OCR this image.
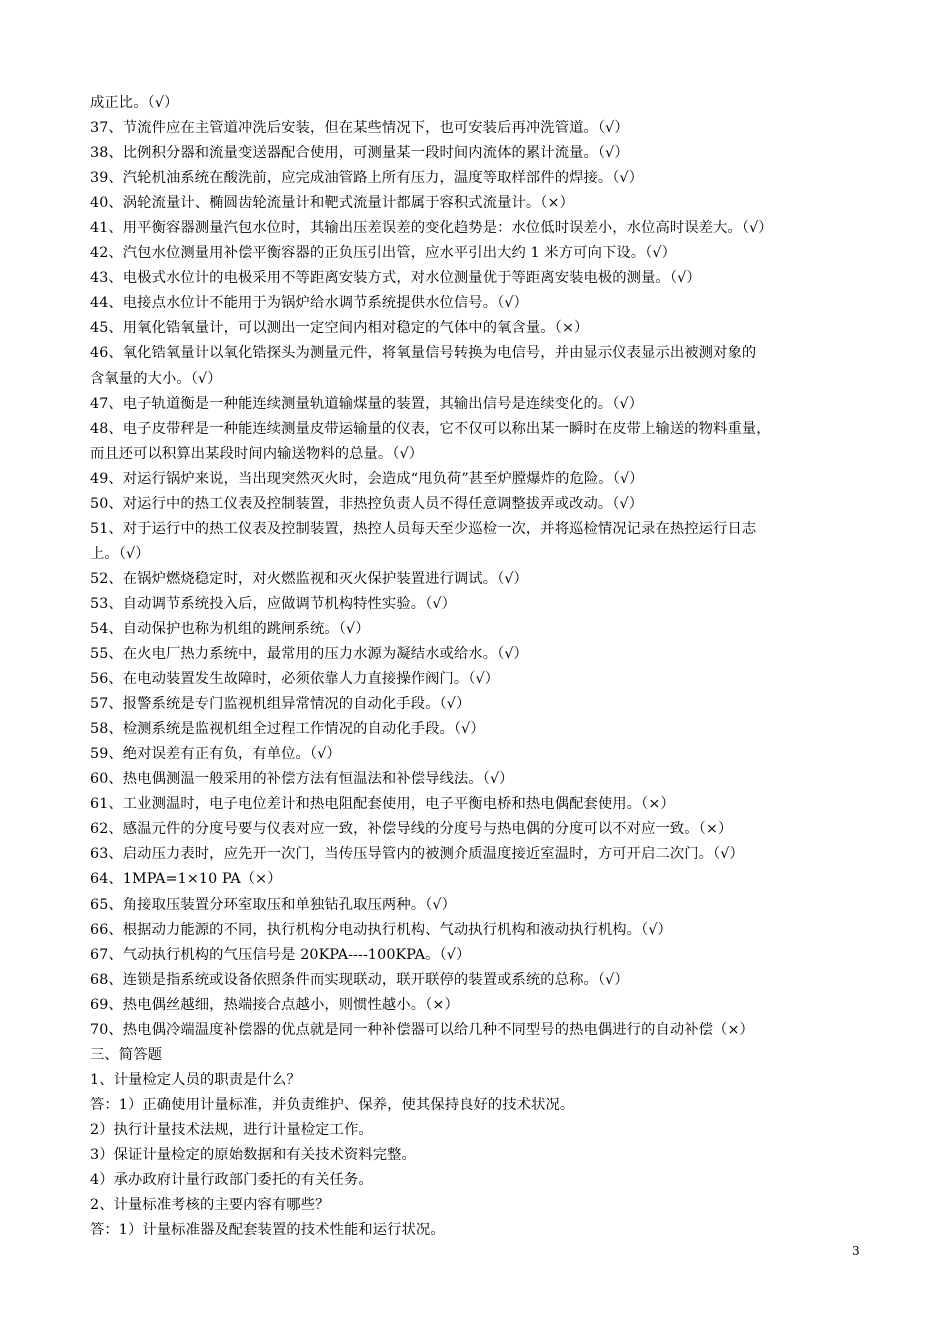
成正比。（√）
37、节流件应在主管道冲洗后安装，但在某些情况下，也可安装后再冲洗管道。（√）
38、比例积分器和流量变送器配合使用，可测量某一段时间内流体的累计流量。（√）
39、汽轮机油系统在酸洗前，应完成油管路上所有压力，温度等取样部件的焊接。（√）
40、涡轮流量计、椭圆齿轮流量计和靶式流量计都属于容积式流量计。（×）
41、用平衡容器测量汽包水位时，其输出压差误差的变化趋势是：水位低时误差小，水位高时误差大。（√）
42、汽包水位测量用补偿平衡容器的正负压引出管，应水平引出大约 1 米方可向下设。（√）
43、电极式水位计的电极采用不等距离安装方式，对水位测量优于等距离安装电极的测量。（√）
44、电接点水位计不能用于为锅炉给水调节系统提供水位信号。（√）
45、用氧化锆氧量计，可以测出一定空间内相对稳定的气体中的氧含量。（×）
46、氧化锆氧量计以氧化锆探头为测量元件，将氧量信号转换为电信号，并由显示仪表显示出被测对象的
含氧量的大小。（√）
47、电子轨道衡是一种能连续测量轨道输煤量的装置，其输出信号是连续变化的。（√）
48、电子皮带秤是一种能连续测量皮带运输量的仪表，它不仅可以称出某一瞬时在皮带上输送的物料重量，
而且还可以积算出某段时间内输送物料的总量。（√）
49、对运行锅炉来说，当出现突然灭火时，会造成“甩负荷”甚至炉膛爆炸的危险。（√）
50、对运行中的热工仪表及控制装置，非热控负责人员不得任意调整拔弄或改动。（√）
51、对于运行中的热工仪表及控制装置，热控人员每天至少巡检一次，并将巡检情况记录在热控运行日志
上。（√）
52、在锅炉燃烧稳定时，对火燃监视和灭火保护装置进行调试。（√）
53、自动调节系统投入后，应做调节机构特性实验。（√）
54、自动保护也称为机组的跳闸系统。（√）
55、在火电厂热力系统中，最常用的压力水源为凝结水或给水。（√）
56、在电动装置发生故障时，必须依靠人力直接操作阀门。（√）
57、报警系统是专门监视机组异常情况的自动化手段。（√）
58、检测系统是监视机组全过程工作情况的自动化手段。（√）
59、绝对误差有正有负，有单位。（√）
60、热电偶测温一般采用的补偿方法有恒温法和补偿导线法。（√）
61、工业测温时，电子电位差计和热电阻配套使用，电子平衡电桥和热电偶配套使用。（×）
62、感温元件的分度号要与仪表对应一致，补偿导线的分度号与热电偶的分度可以不对应一致。（×）
63、启动压力表时，应先开一次门，当传压导管内的被测介质温度接近室温时，方可开启二次门。（√）
64、1MPA=1×10 PA（×）
65、角接取压装置分环室取压和单独钻孔取压两种。（√）
66、根据动力能源的不同，执行机构分电动执行机构、气动执行机构和液动执行机构。（√）
67、气动执行机构的气压信号是 20KPA----100KPA。（√）
68、连锁是指系统或设备依照条件而实现联动，联开联停的装置或系统的总称。（√）
69、热电偶丝越细，热端接合点越小，则惯性越小。（×）
70、热电偶冷端温度补偿器的优点就是同一种补偿器可以给几种不同型号的热电偶进行的自动补偿（×）
三、简答题
1、计量检定人员的职责是什么？
答：1）正确使用计量标准，并负责维护、保养，使其保持良好的技术状况。
2）执行计量技术法规，进行计量检定工作。
3）保证计量检定的原始数据和有关技术资料完整。
4）承办政府计量行政部门委托的有关任务。
2、计量标准考核的主要内容有哪些？
答：1）计量标准器及配套装置的技术性能和运行状况。
3
